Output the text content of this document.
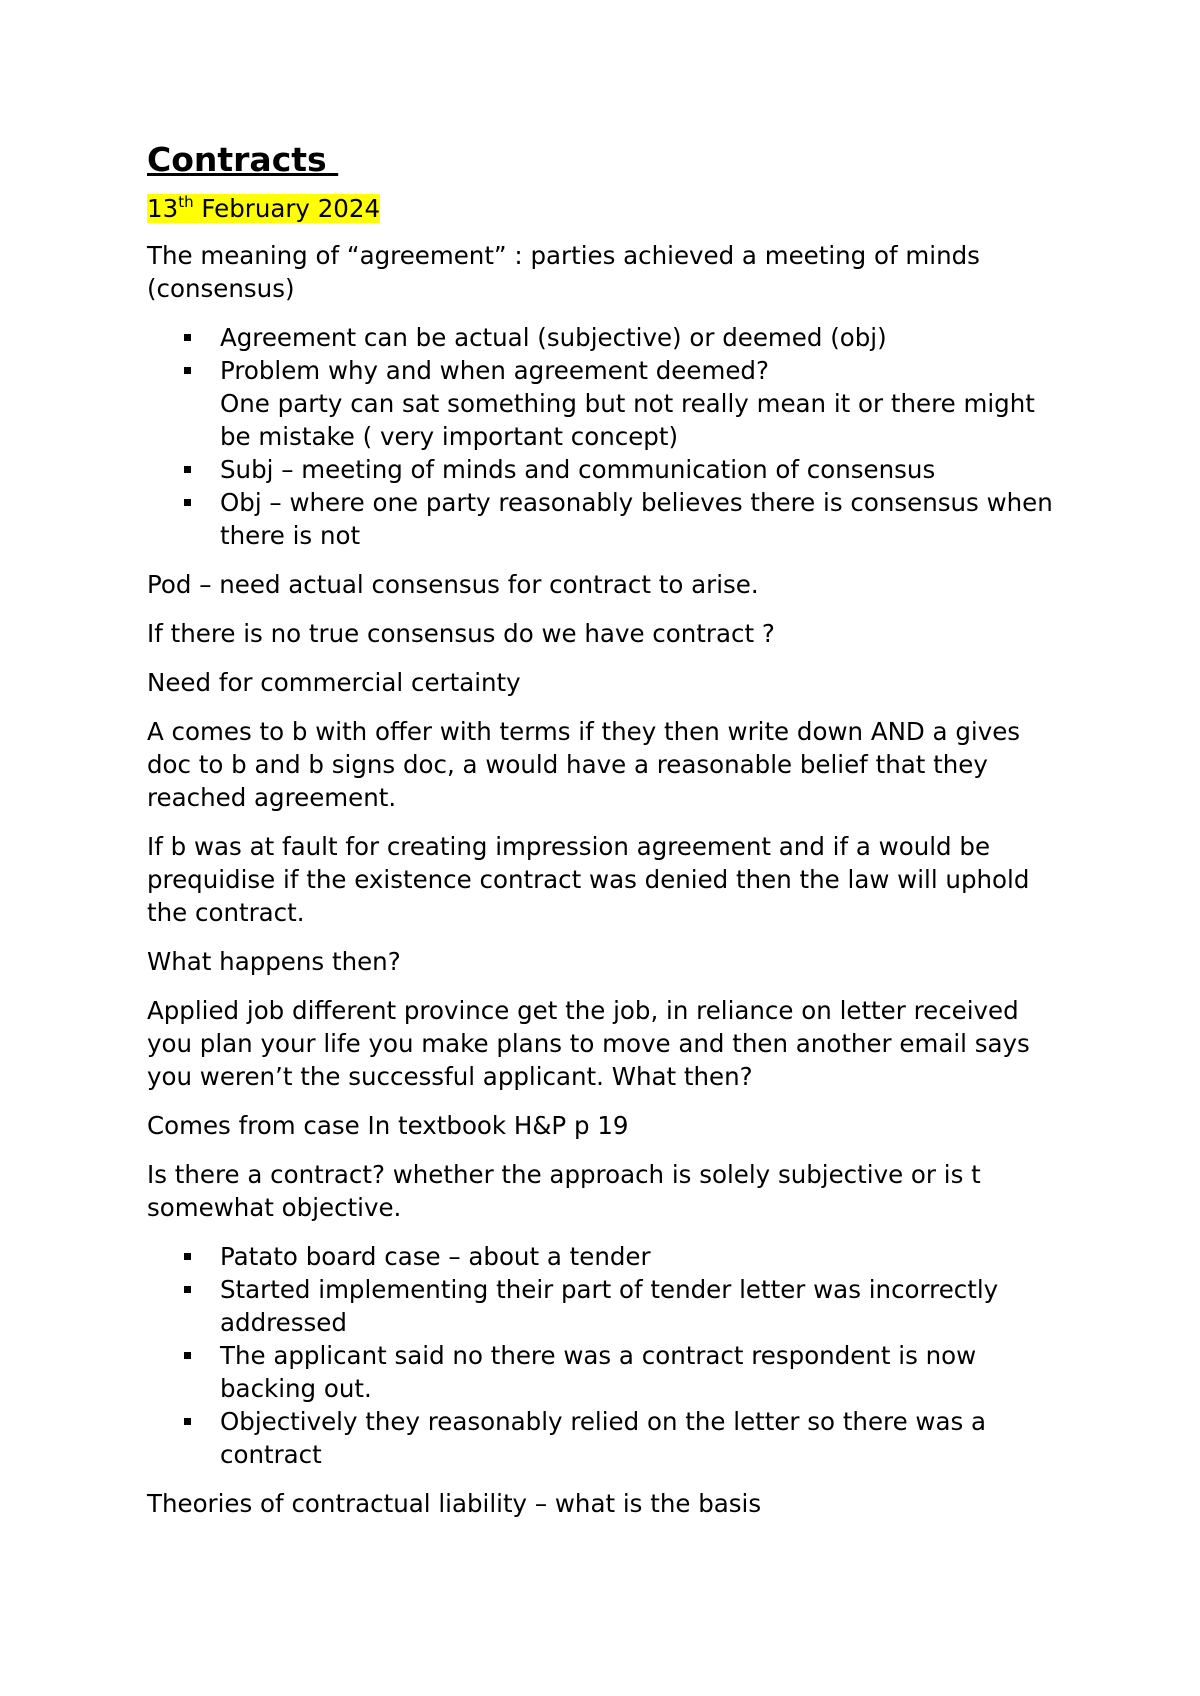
Contracts
13th February 2024

The meaning of “agreement” : parties achieved a meeting of minds (consensus)

Agreement can be actual (subjective) or deemed (obj)
Problem why and when agreement deemed?
One party can sat something but not really mean it or there might be mistake ( very important concept)
Subj – meeting of minds and communication of consensus
Obj – where one party reasonably believes there is consensus when there is not

Pod – need actual consensus for contract to arise.

If there is no true consensus do we have contract ?

Need for commercial certainty

A comes to b with offer with terms if they then write down AND a gives doc to b and b signs doc, a would have a reasonable belief that they reached agreement.

If b was at fault for creating impression agreement and if a would be prequidise if the existence contract was denied then the law will uphold the contract.

What happens then?

Applied job different province get the job, in reliance on letter received you plan your life you make plans to move and then another email says you weren’t the successful applicant. What then?

Comes from case In textbook H&P p 19

Is there a contract? whether the approach is solely subjective or is t somewhat objective.

Patato board case – about a tender
Started implementing their part of tender letter was incorrectly addressed
The applicant said no there was a contract respondent is now backing out.
Objectively they reasonably relied on the letter so there was a contract

Theories of contractual liability – what is the basis
